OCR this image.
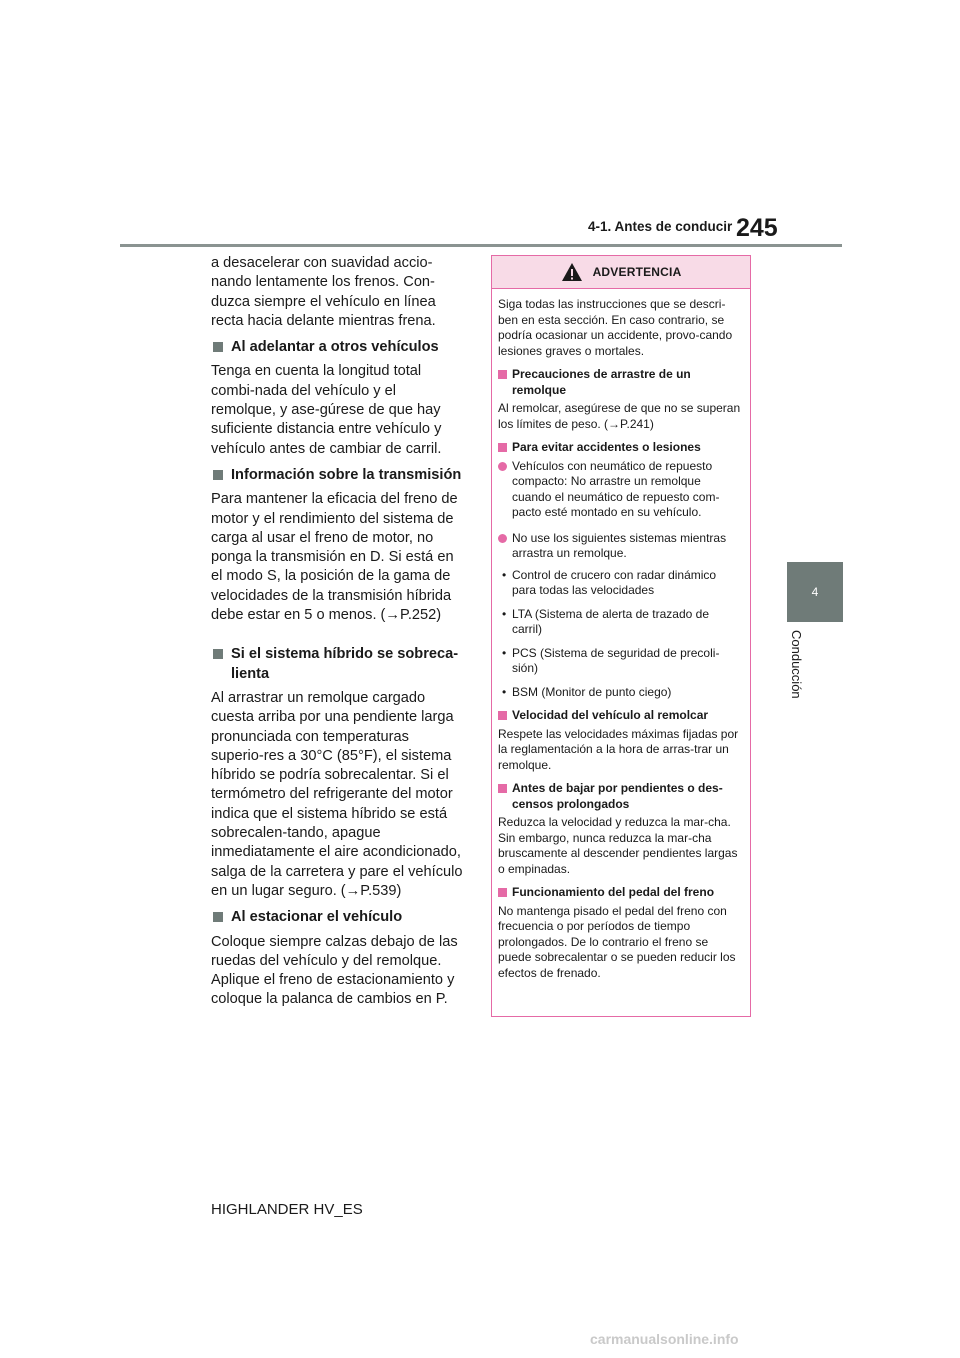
4-1. Antes de conducir 245
4
Conducción

a desacelerar con suavidad accio-nando lentamente los frenos. Con-duzca siempre el vehículo en línea recta hacia delante mientras frena.

Al adelantar a otros vehículos

Tenga en cuenta la longitud total combi-nada del vehículo y el remolque, y ase-gúrese de que hay suficiente distancia entre vehículo y vehículo antes de cambiar de carril.

Información sobre la transmisión

Para mantener la eficacia del freno de motor y el rendimiento del sistema de carga al usar el freno de motor, no ponga la transmisión en D. Si está en el modo S, la posición de la gama de velocidades de la transmisión híbrida debe estar en 5 o menos. (→P.252)

Si el sistema híbrido se sobreca-lienta

Al arrastrar un remolque cargado cuesta arriba por una pendiente larga pronunciada con temperaturas superio-res a 30°C (85°F), el sistema híbrido se podría sobrecalentar. Si el termómetro del refrigerante del motor indica que el sistema híbrido se está sobrecalen-tando, apague inmediatamente el aire acondicionado, salga de la carretera y pare el vehículo en un lugar seguro. (→P.539)

Al estacionar el vehículo

Coloque siempre calzas debajo de las ruedas del vehículo y del remolque. Aplique el freno de estacionamiento y coloque la palanca de cambios en P.

ADVERTENCIA

Siga todas las instrucciones que se descri-ben en esta sección. En caso contrario, se podría ocasionar un accidente, provo-cando lesiones graves o mortales.

Precauciones de arrastre de un remolque

Al remolcar, asegúrese de que no se superan los límites de peso. (→P.241)

Para evitar accidentes o lesiones
Vehículos con neumático de repuesto compacto: No arrastre un remolque cuando el neumático de repuesto com-pacto esté montado en su vehículo.
No use los siguientes sistemas mientras arrastra un remolque.
• Control de crucero con radar dinámico para todas las velocidades
• LTA (Sistema de alerta de trazado de carril)
• PCS (Sistema de seguridad de precoli-sión)
• BSM (Monitor de punto ciego)
Velocidad del vehículo al remolcar

Respete las velocidades máximas fijadas por la reglamentación a la hora de arras-trar un remolque.

Antes de bajar por pendientes o des-censos prolongados

Reduzca la velocidad y reduzca la mar-cha. Sin embargo, nunca reduzca la mar-cha bruscamente al descender pendientes largas o empinadas.

Funcionamiento del pedal del freno

No mantenga pisado el pedal del freno con frecuencia o por períodos de tiempo prolongados. De lo contrario el freno se puede sobrecalentar o se pueden reducir los efectos de frenado.

HIGHLANDER HV_ES
carmanualsonline.info
